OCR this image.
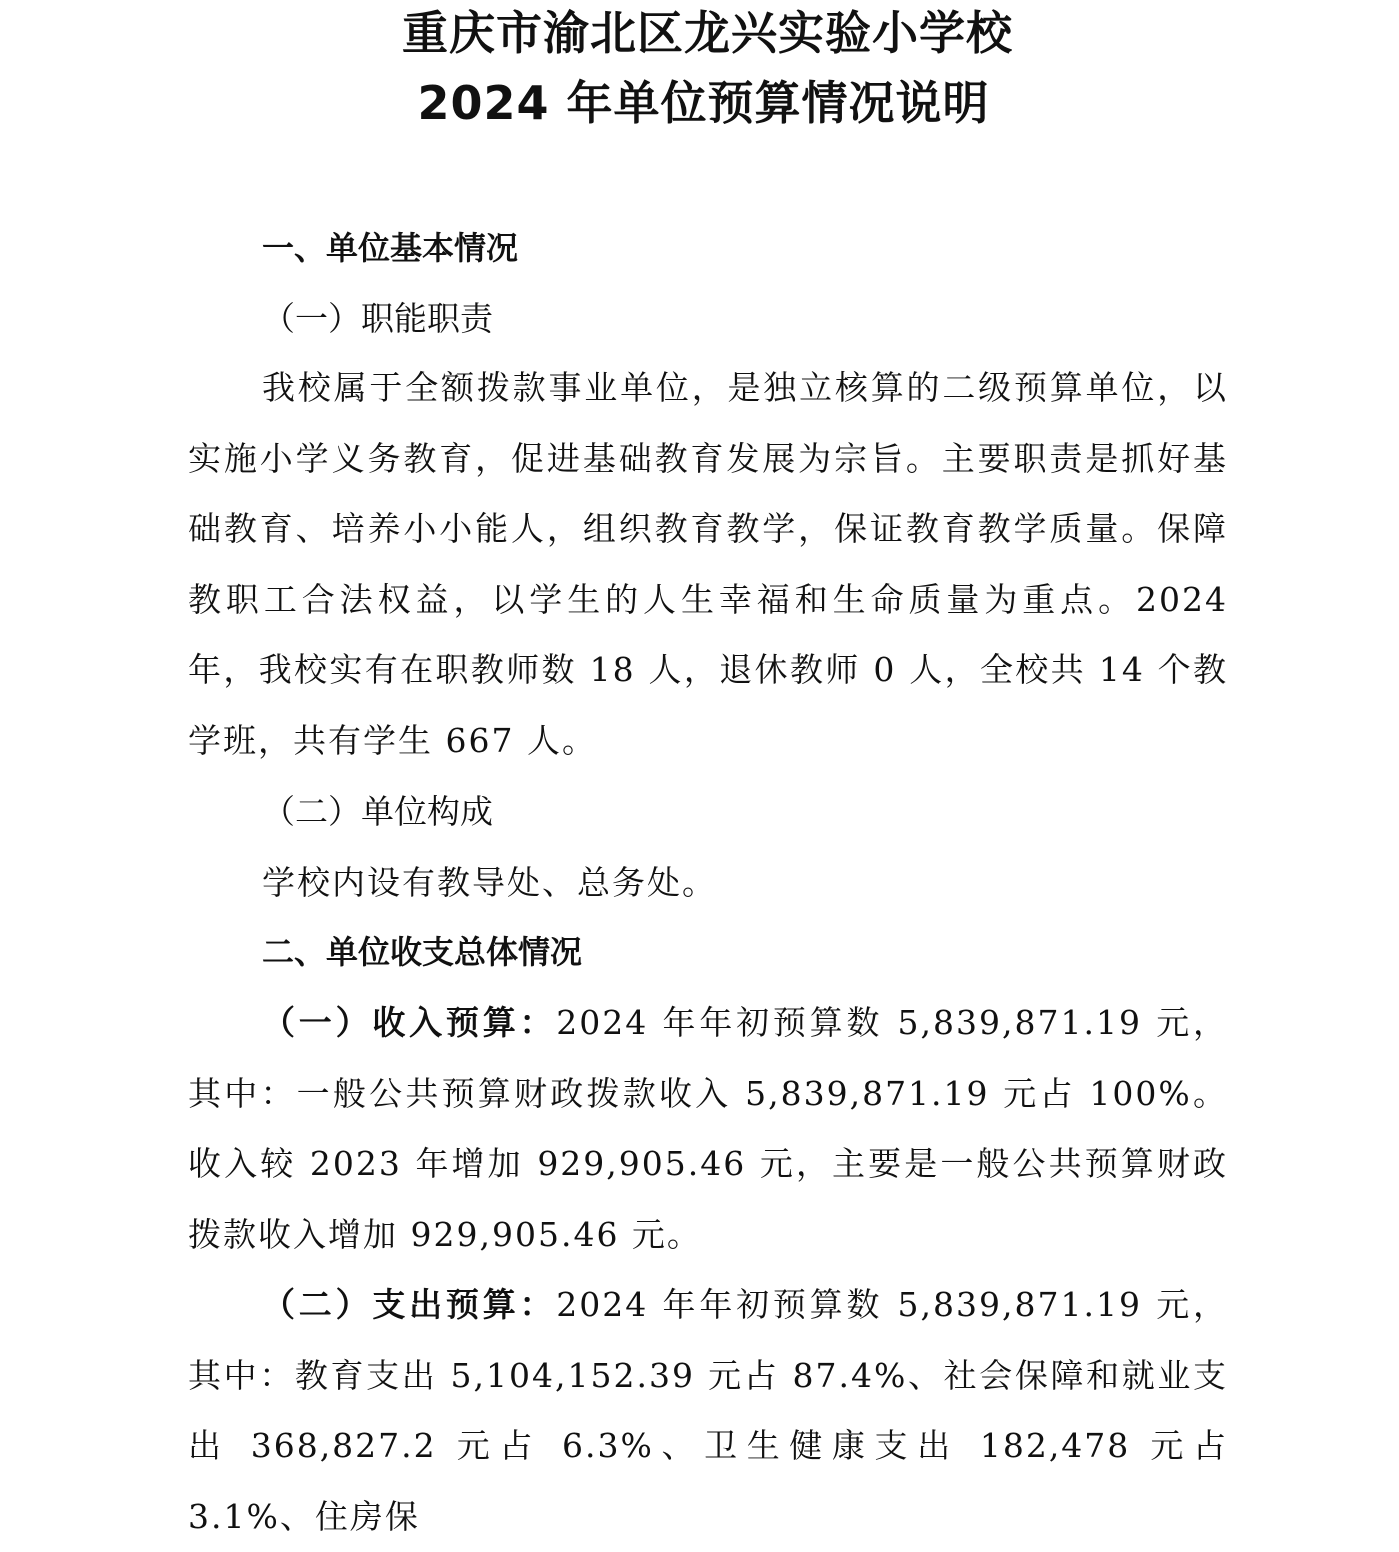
重庆市渝北区龙兴实验小学校
2024 年单位预算情况说明
一、单位基本情况
（一）职能职责
我校属于全额拨款事业单位，是独立核算的二级预算单位，以实施小学义务教育，促进基础教育发展为宗旨。主要职责是抓好基础教育、培养小小能人，组织教育教学，保证教育教学质量。保障教职工合法权益，以学生的人生幸福和生命质量为重点。2024 年，我校实有在职教师数 18 人，退休教师 0 人，全校共 14 个教学班，共有学生 667 人。
（二）单位构成
学校内设有教导处、总务处。
二、单位收支总体情况
（一）收入预算：2024 年年初预算数 5,839,871.19 元，其中：一般公共预算财政拨款收入 5,839,871.19 元占 100%。收入较 2023 年增加 929,905.46 元，主要是一般公共预算财政拨款收入增加 929,905.46 元。
（二）支出预算：2024 年年初预算数 5,839,871.19 元，其中：教育支出 5,104,152.39 元占 87.4%、社会保障和就业支出 368,827.2 元占 6.3%、卫生健康支出 182,478 元占 3.1%、住房保
